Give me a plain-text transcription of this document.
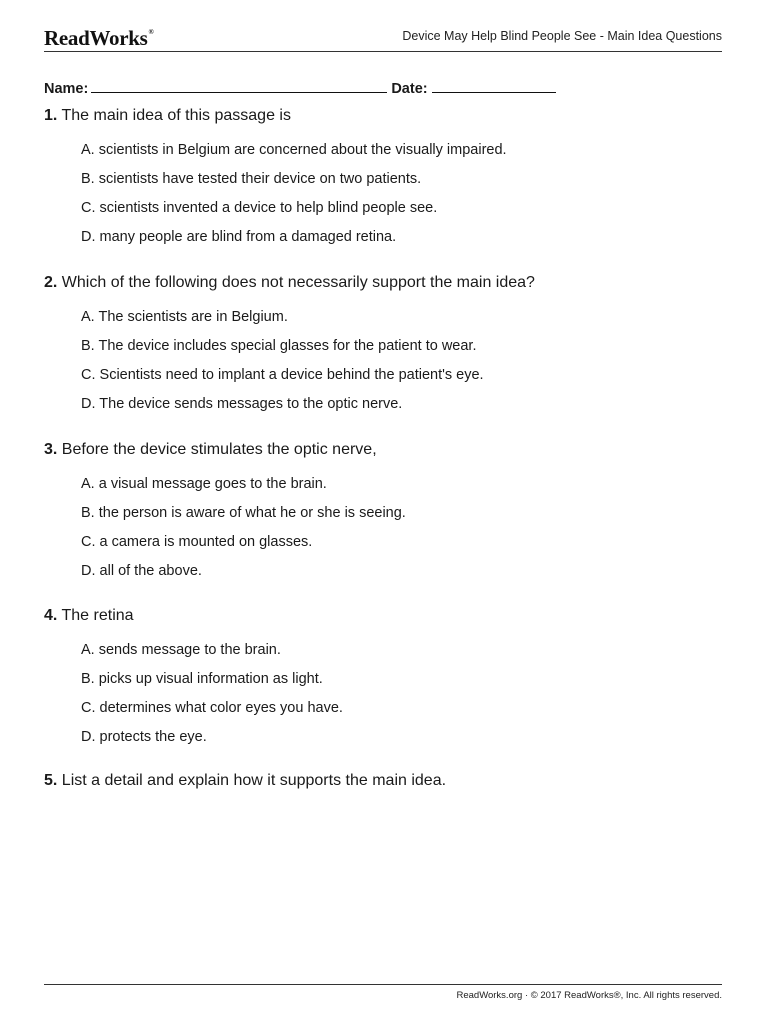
ReadWorks®	Device May Help Blind People See - Main Idea Questions
Name:	Date:
1. The main idea of this passage is
A. scientists in Belgium are concerned about the visually impaired.
B. scientists have tested their device on two patients.
C. scientists invented a device to help blind people see.
D. many people are blind from a damaged retina.
2. Which of the following does not necessarily support the main idea?
A. The scientists are in Belgium.
B. The device includes special glasses for the patient to wear.
C. Scientists need to implant a device behind the patient's eye.
D. The device sends messages to the optic nerve.
3. Before the device stimulates the optic nerve,
A. a visual message goes to the brain.
B. the person is aware of what he or she is seeing.
C. a camera is mounted on glasses.
D. all of the above.
4. The retina
A. sends message to the brain.
B. picks up visual information as light.
C. determines what color eyes you have.
D. protects the eye.
5. List a detail and explain how it supports the main idea.
ReadWorks.org · © 2017 ReadWorks®, Inc. All rights reserved.
